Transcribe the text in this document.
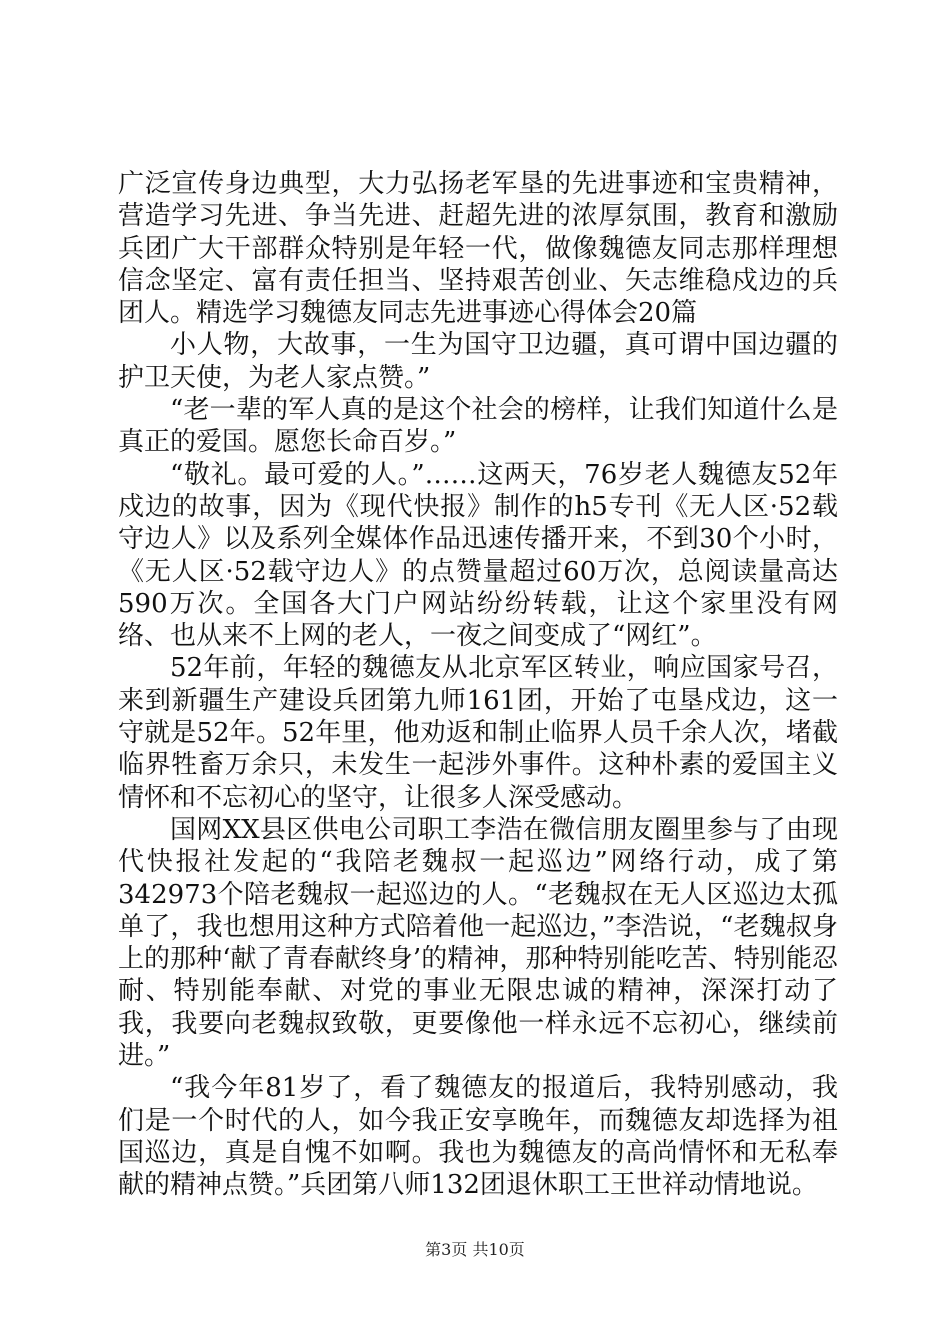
广泛宣传身边典型，大力弘扬老军垦的先进事迹和宝贵精神，营造学习先进、争当先进、赶超先进的浓厚氛围，教育和激励兵团广大干部群众特别是年轻一代，做像魏德友同志那样理想信念坚定、富有责任担当、坚持艰苦创业、矢志维稳戍边的兵团人。精选学习魏德友同志先进事迹心得体会20篇

小人物，大故事，一生为国守卫边疆，真可谓中国边疆的护卫天使，为老人家点赞。”

“老一辈的军人真的是这个社会的榜样，让我们知道什么是真正的爱国。愿您长命百岁。”

“敬礼。最可爱的人。”……这两天，76岁老人魏德友52年戍边的故事，因为《现代快报》制作的h5专刊《无人区·52载守边人》以及系列全媒体作品迅速传播开来，不到30个小时，《无人区·52载守边人》的点赞量超过60万次，总阅读量高达590万次。全国各大门户网站纷纷转载，让这个家里没有网络、也从来不上网的老人，一夜之间变成了“网红”。

52年前，年轻的魏德友从北京军区转业，响应国家号召，来到新疆生产建设兵团第九师161团，开始了屯垦戍边，这一守就是52年。52年里，他劝返和制止临界人员千余人次，堵截临界牲畜万余只，未发生一起涉外事件。这种朴素的爱国主义情怀和不忘初心的坚守，让很多人深受感动。

国网XX县区供电公司职工李浩在微信朋友圈里参与了由现代快报社发起的“我陪老魏叔一起巡边”网络行动，成了第342973个陪老魏叔一起巡边的人。“老魏叔在无人区巡边太孤单了，我也想用这种方式陪着他一起巡边，”李浩说，“老魏叔身上的那种‘献了青春献终身’的精神，那种特别能吃苦、特别能忍耐、特别能奉献、对党的事业无限忠诚的精神，深深打动了我，我要向老魏叔致敬，更要像他一样永远不忘初心，继续前进。”

“我今年81岁了，看了魏德友的报道后，我特别感动，我们是一个时代的人，如今我正安享晚年，而魏德友却选择为祖国巡边，真是自愧不如啊。我也为魏德友的高尚情怀和无私奉献的精神点赞。”兵团第八师132团退休职工王世祥动情地说。

第3页 共10页
